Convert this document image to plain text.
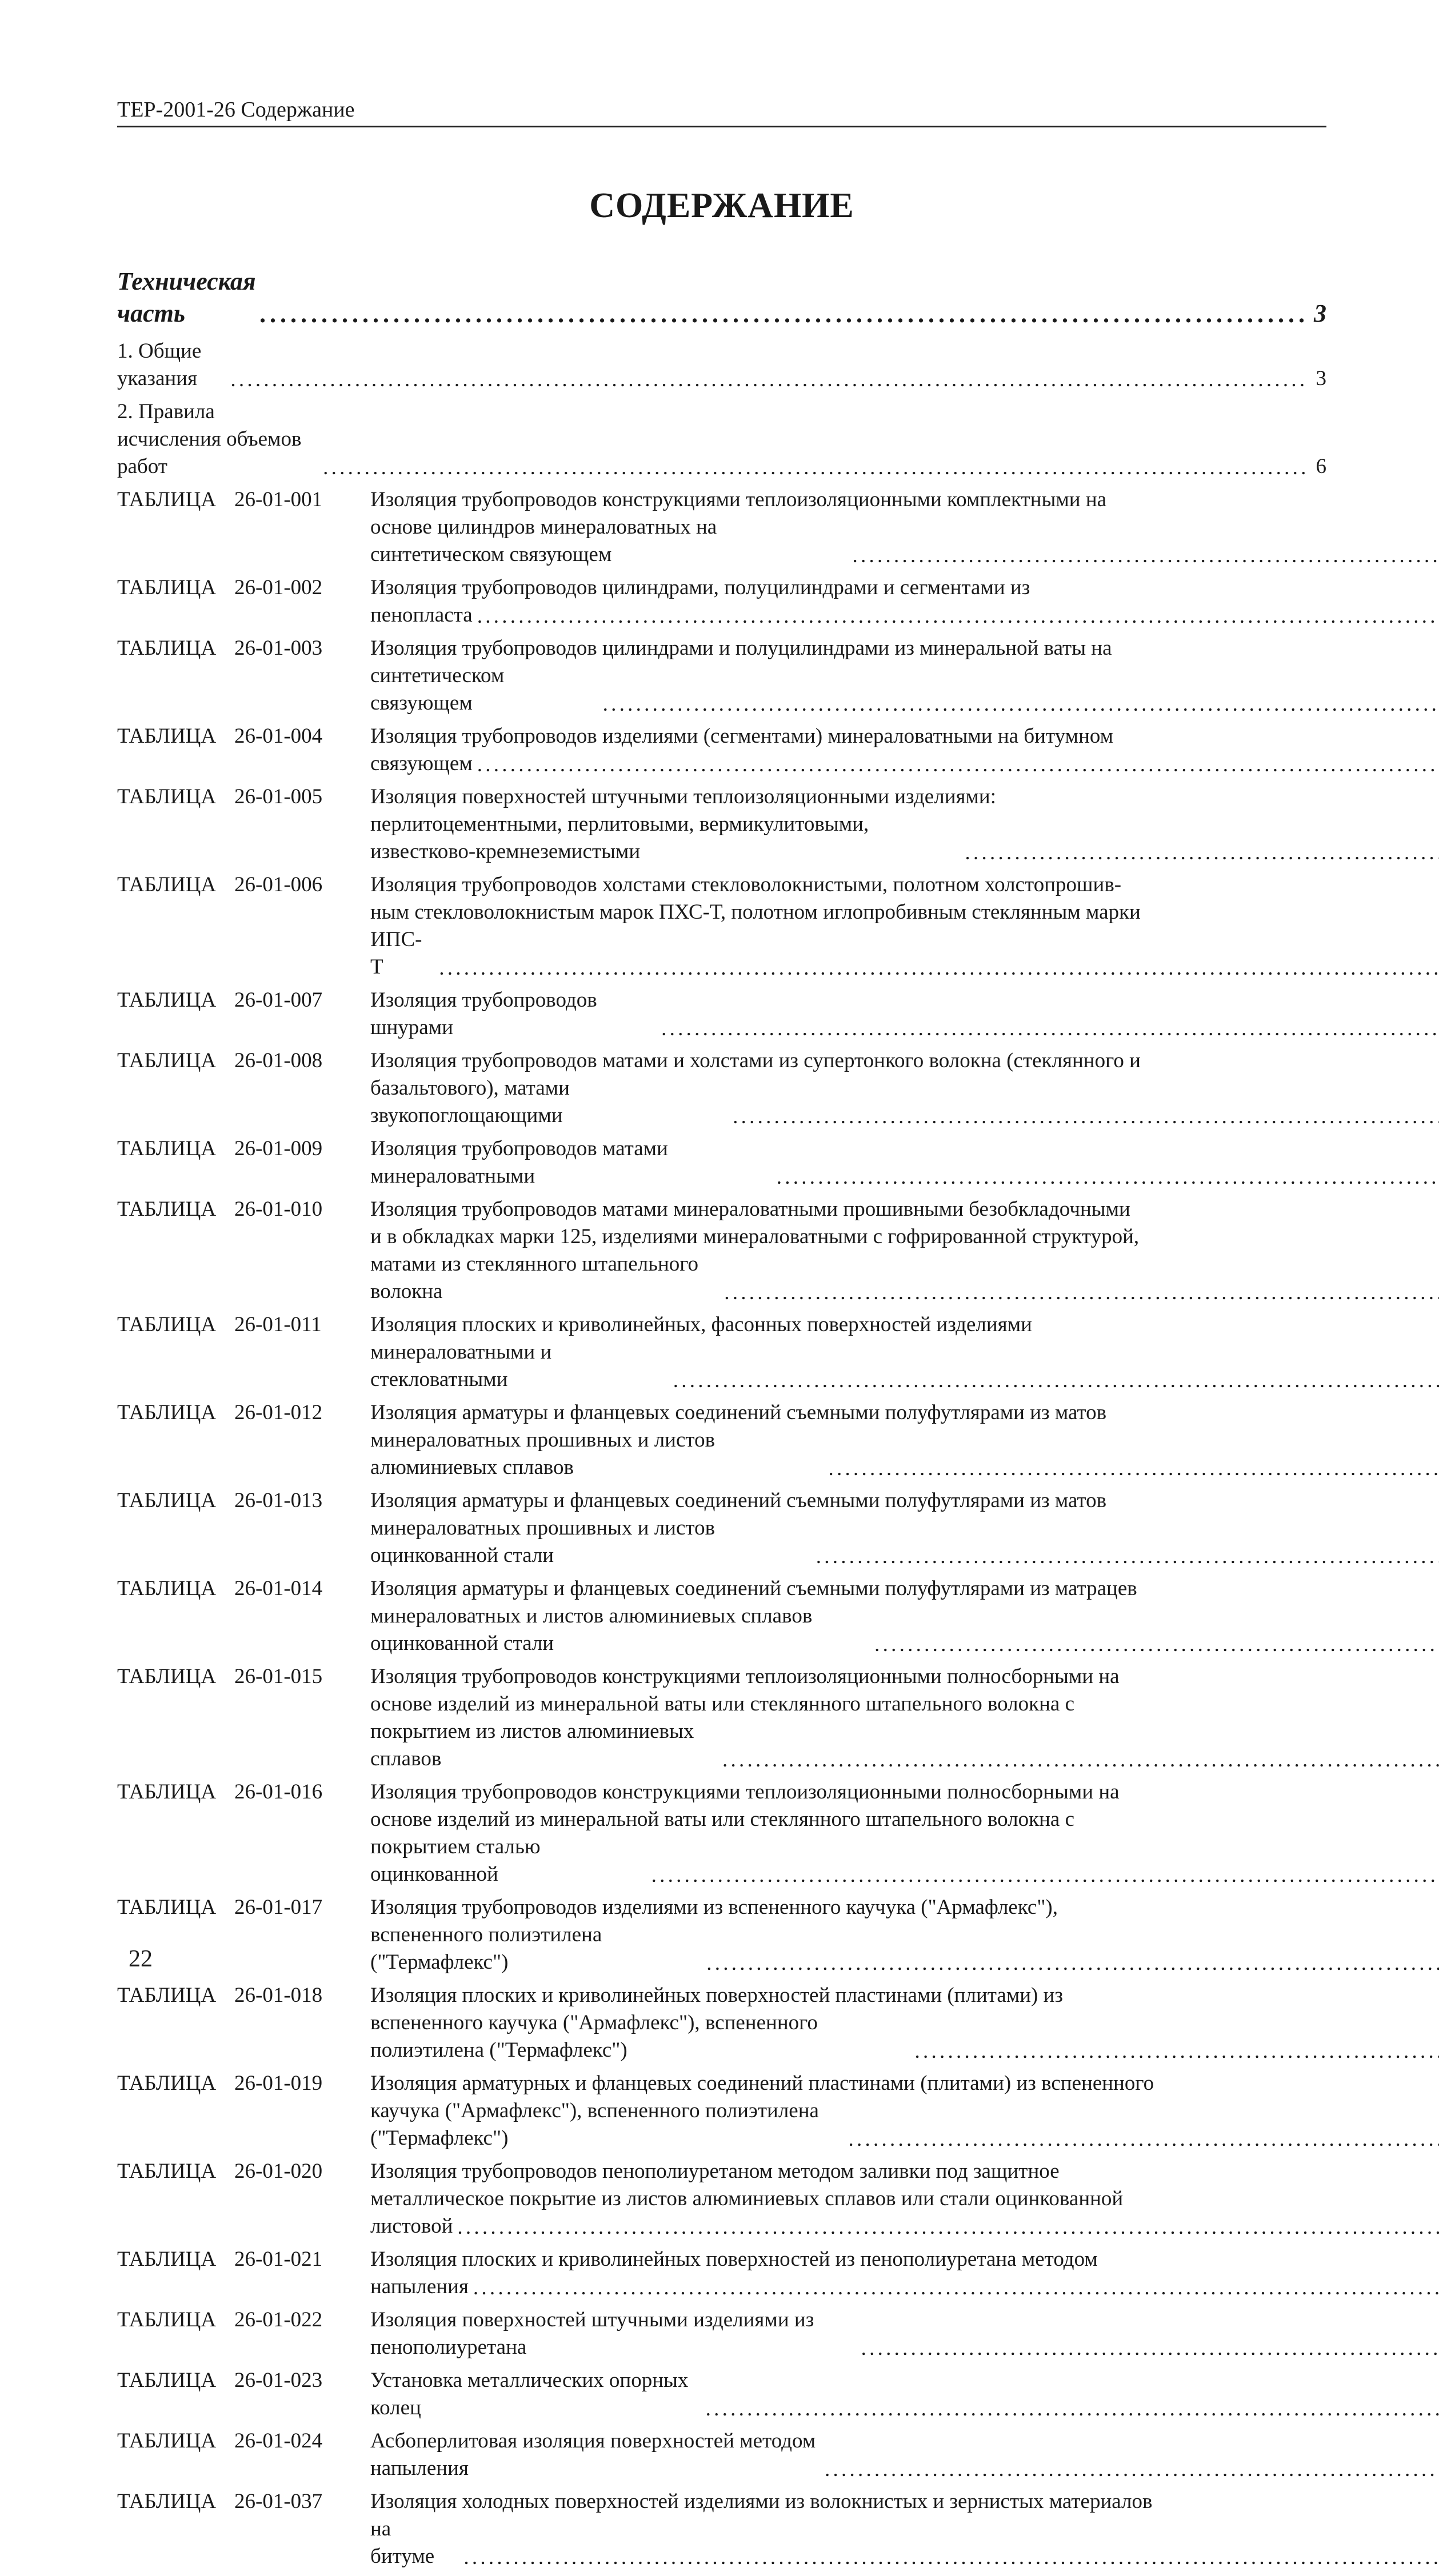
ТЕР-2001-26 Содержание
СОДЕРЖАНИЕ
Техническая часть . . .	3
1. Общие указания . . .	3
2. Правила исчисления объемов работ . . .	6
ТАБЛИЦА 26-01-001	Изоляция трубопроводов конструкциями теплоизоляционными комплектными на
основе цилиндров минераловатных на синтетическом связующем
. . .
ТАБЛИЦА 26-01-002	Изоляция трубопроводов цилиндрами, полуцилиндрами и сегментами из
пенопласта
. . .
ТАБЛИЦА 26-01-003	Изоляция трубопроводов цилиндрами и полуцилиндрами из минеральной ваты на
синтетическом связующем
. . .
ТАБЛИЦА 26-01-004	Изоляция трубопроводов изделиями (сегментами) минераловатными на битумном
связующем
. . .
ТАБЛИЦА 26-01-005	Изоляция поверхностей штучными теплоизоляционными изделиями:
перлитоцементными, перлитовыми, вермикулитовыми, известково-кремнеземистыми
. . .
ТАБЛИЦА 26-01-006	Изоляция трубопроводов холстами стекловолокнистыми, полотном холстопрошив-
ным стекловолокнистым марок ПХС-Т, полотном иглопробивным стеклянным марки
ИПС-Т
. . .
ТАБЛИЦА 26-01-007	Изоляция трубопроводов шнурами
. . .
ТАБЛИЦА 26-01-008	Изоляция трубопроводов матами и холстами из супертонкого волокна (стеклянного и
базальтового), матами звукопоглощающими
. . .
ТАБЛИЦА 26-01-009	Изоляция трубопроводов матами минераловатными
. . .
ТАБЛИЦА 26-01-010	Изоляция трубопроводов матами минераловатными прошивными безобкладочными
и в обкладках марки 125, изделиями минераловатными с гофрированной структурой,
матами из стеклянного штапельного волокна
. . .
ТАБЛИЦА 26-01-011	Изоляция плоских и криволинейных, фасонных поверхностей изделиями
минераловатными и стекловатными
. . .
ТАБЛИЦА 26-01-012	Изоляция арматуры и фланцевых соединений съемными полуфутлярами из матов
минераловатных прошивных и листов алюминиевых сплавов
. . .
ТАБЛИЦА 26-01-013	Изоляция арматуры и фланцевых соединений съемными полуфутлярами из матов
минераловатных прошивных и листов оцинкованной стали
. . .
ТАБЛИЦА 26-01-014	Изоляция арматуры и фланцевых соединений съемными полуфутлярами из матрацев
минераловатных и листов алюминиевых сплавов оцинкованной стали
. . .
ТАБЛИЦА 26-01-015	Изоляция трубопроводов конструкциями теплоизоляционными полносборными на
основе изделий из минеральной ваты или стеклянного штапельного волокна с
покрытием из листов алюминиевых сплавов
. . .
ТАБЛИЦА 26-01-016	Изоляция трубопроводов конструкциями теплоизоляционными полносборными на
основе изделий из минеральной ваты или стеклянного штапельного волокна с
покрытием сталью оцинкованной
. . .
ТАБЛИЦА 26-01-017	Изоляция трубопроводов изделиями из вспененного каучука ("Армафлекс"),
вспененного полиэтилена ("Термафлекс")
. . .
ТАБЛИЦА 26-01-018	Изоляция плоских и криволинейных поверхностей пластинами (плитами) из
вспененного каучука ("Армафлекс"), вспененного полиэтилена ("Термафлекс")
. . .
ТАБЛИЦА 26-01-019	Изоляция арматурных и фланцевых соединений пластинами (плитами) из вспененного
каучука ("Армафлекс"), вспененного полиэтилена ("Термафлекс")
. . .
ТАБЛИЦА 26-01-020	Изоляция трубопроводов пенополиуретаном методом заливки под защитное
металлическое покрытие из листов алюминиевых сплавов или стали оцинкованной
листовой
. . .
ТАБЛИЦА 26-01-021	Изоляция плоских и криволинейных поверхностей из пенополиуретана методом
напыления
. . .
ТАБЛИЦА 26-01-022	Изоляция поверхностей штучными изделиями из пенополиуретана
. . .
ТАБЛИЦА 26-01-023	Установка металлических опорных колец
. . .
ТАБЛИЦА 26-01-024	Асбоперлитовая изоляция поверхностей методом напыления
. . .
ТАБЛИЦА 26-01-037	Изоляция холодных поверхностей изделиями из волокнистых и зернистых материалов
на битуме
. . .
22
